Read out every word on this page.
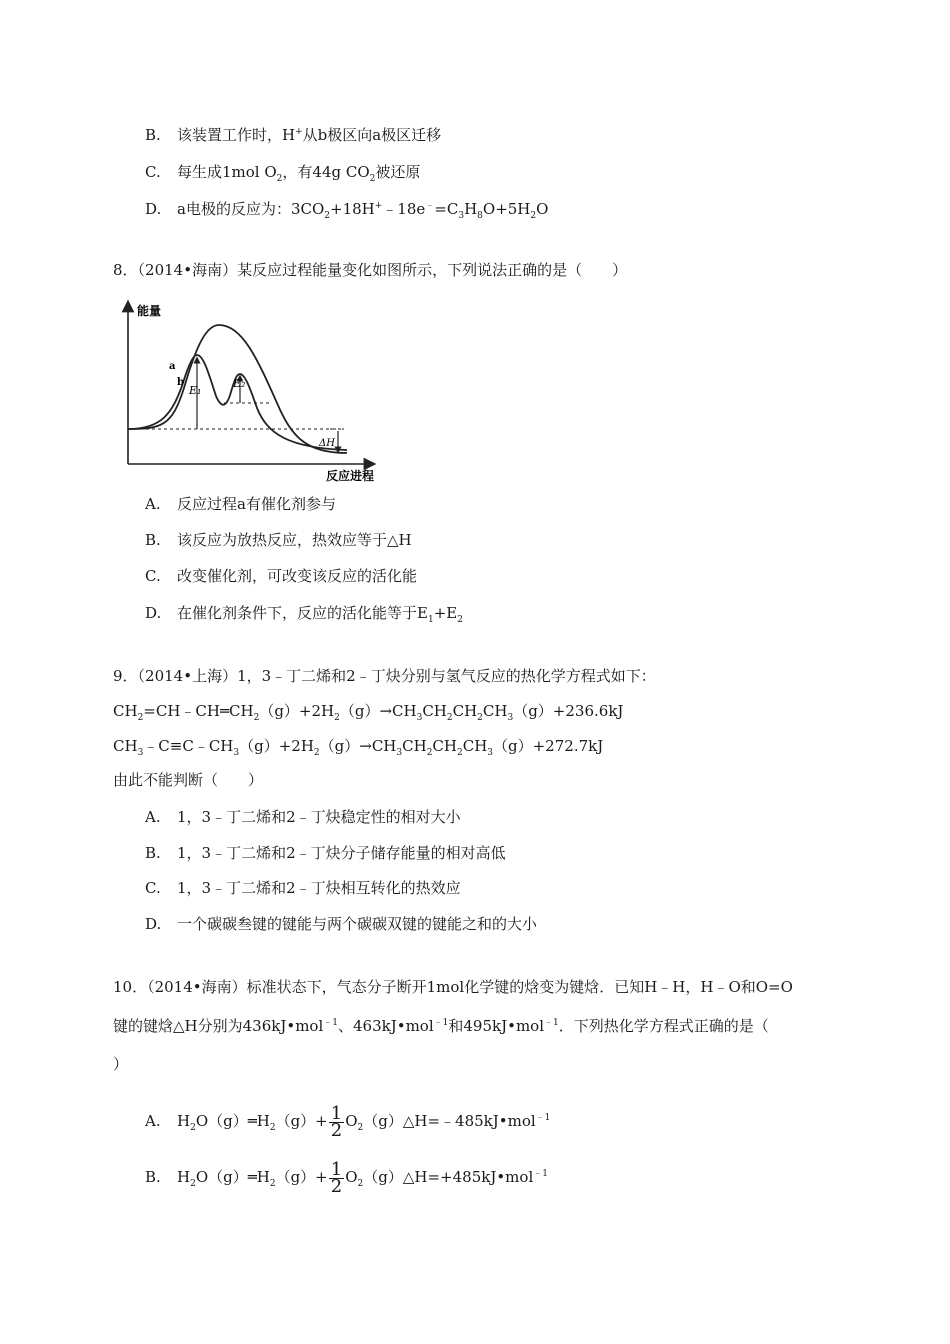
B. 该装置工作时，H+从b极区向a极区迁移
C. 每生成1mol $O_2$，有44g $CO_2$被还原
D. a电极的反应为：$3CO_2+18H^+﹣18e^﹣=C_3H_8O+5H_2O$
8．（2014•海南）某反应过程能量变化如图所示，下列说法正确的是（　　）
能量
反应进程
E₁
E₂
a
b
ΔH
A. 反应过程a有催化剂参与
B. 该反应为放热反应，热效应等于△H
C. 改变催化剂，可改变该反应的活化能
D. 在催化剂条件下，反应的活化能等于$E_1+E_2$
9．（2014•上海）1，3﹣丁二烯和2﹣丁炔分别与氢气反应的热化学方程式如下：
$CH_2=CH﹣CH═CH_2(g)+2H_2(g)\to CH_3CH_2CH_2CH_3(g)+236.6kJ$
$CH_3﹣C\equiv C﹣CH_3(g)+2H_2(g)\to CH_3CH_2CH_2CH_3(g)+272.7kJ$
由此不能判断（　　）
A. 1，3﹣丁二烯和2﹣丁炔稳定性的相对大小
B. 1，3﹣丁二烯和2﹣丁炔分子储存能量的相对高低
C. 1，3﹣丁二烯和2﹣丁炔相互转化的热效应
D. 一个碳碳叁键的键能与两个碳碳双键的键能之和的大小
10．（2014•海南）标准状态下，气态分子断开1mol化学键的焓变为键焓．已知H﹣H，H﹣O和O=O
键的键焓△H分别为436kJ•mol$^{﹣1}$、463kJ•mol$^{﹣1}$和495kJ•mol$^{﹣1}$．下列热化学方程式正确的是（
）
A. $H_2O(g)═H_2(g)+ \frac{1}{2}$ $O_2(g)\triangle H=﹣485kJ•mol^{﹣1}$
B. $H_2O(g)═H_2(g)+ \frac{1}{2}$ $O_2(g)\triangle H=+485kJ•mol^{﹣1}$
